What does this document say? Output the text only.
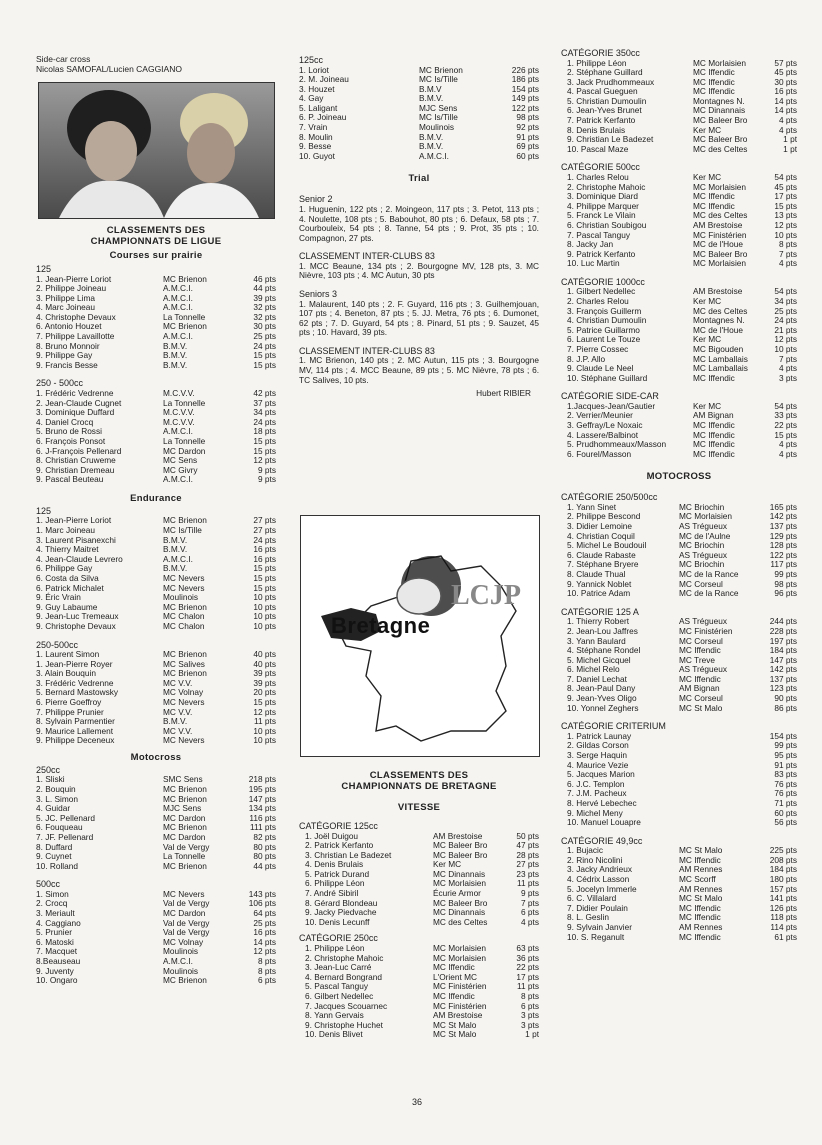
Side-car cross
Nicolas SAMOFAL/Lucien CAGGIANO
CLASSEMENTS DES
CHAMPIONNATS DE LIGUE
Courses sur prairie
125
1. Jean-Pierre Loriot	MC Brienon	46 pts
2. Philippe Joineau	A.M.C.I.	44 pts
3. Philippe Lima	A.M.C.I.	39 pts
4. Marc Joineau	A.M.C.I.	32 pts
4. Christophe Devaux	La Tonnelle	32 pts
6. Antonio Houzet	MC Brienon	30 pts
7. Philippe Lavaillotte	A.M.C.I.	25 pts
8. Bruno Monnoir	B.M.V.	24 pts
9. Philippe Gay	B.M.V.	15 pts
9. Francis Besse	B.M.V.	15 pts
250 - 500cc
1. Frédéric Vedrenne	M.C.V.V.	42 pts
2. Jean-Claude Cugnet	La Tonnelle	37 pts
3. Dominique Duffard	M.C.V.V.	34 pts
4. Daniel Crocq	M.C.V.V.	24 pts
5. Bruno de Rossi	A.M.C.I.	18 pts
6. François Ponsot	La Tonnelle	15 pts
6. J-François Pellenard	MC Dardon	15 pts
8. Christian Cruweme	MC Sens	12 pts
9. Christian Dremeau	MC Givry	9 pts
9. Pascal Beuteau	A.M.C.I.	9 pts
Endurance
125
1. Jean-Pierre Loriot	MC Brienon	27 pts
1. Marc Joineau	MC Is/Tille	27 pts
3. Laurent Pisanexchi	B.M.V.	24 pts
4. Thierry Maitret	B.M.V.	16 pts
4. Jean-Claude Levrero	A.M.C.I.	16 pts
6. Philippe Gay	B.M.V.	15 pts
6. Costa da Silva	MC Nevers	15 pts
6. Patrick Michalet	MC Nevers	15 pts
9. Éric Vrain	Moulinois	10 pts
9. Guy Labaume	MC Brienon	10 pts
9. Jean-Luc Tremeaux	MC Chalon	10 pts
9. Christophe Devaux	MC Chalon	10 pts
250-500cc
1. Laurent Simon	MC Brienon	40 pts
1. Jean-Pierre Royer	MC Salives	40 pts
3. Alain Bouquin	MC Brienon	39 pts
3. Frédéric Vedrenne	MC V.V.	39 pts
5. Bernard Mastowsky	MC Volnay	20 pts
6. Pierre Goeffroy	MC Nevers	15 pts
7. Philippe Prunier	MC V.V.	12 pts
8. Sylvain Parmentier	B.M.V.	11 pts
9. Maurice Lallement	MC V.V.	10 pts
9. Philippe Deceneux	MC Nevers	10 pts
Motocross
250cc
1. Sliski	SMC Sens	218 pts
2. Bouquin	MC Brienon	195 pts
3. L. Simon	MC Brienon	147 pts
4. Guidar	MJC Sens	134 pts
5. JC. Pellenard	MC Dardon	116 pts
6. Fouqueau	MC Brienon	111 pts
7. JF. Pellenard	MC Dardon	82 pts
8. Duffard	Val de Vergy	80 pts
9. Cuynet	La Tonnelle	80 pts
10. Rolland	MC Brienon	44 pts
500cc
1. Simon	MC Nevers	143 pts
2. Crocq	Val de Vergy	106 pts
3. Meriault	MC Dardon	64 pts
4. Caggiano	Val de Vergy	25 pts
5. Prunier	Val de Vergy	16 pts
6. Matoski	MC Volnay	14 pts
7. Macquet	Moulinois	12 pts
8.Beauseau	A.M.C.I.	8 pts
9. Juventy	Moulinois	8 pts
10. Ongaro	MC Brienon	6 pts
125cc
1. Loriot	MC Brienon	226 pts
2. M. Joineau	MC Is/Tille	186 pts
3. Houzet	B.M.V	154 pts
4. Gay	B.M.V.	149 pts
5. Laligant	MJC Sens	122 pts
6. P. Joineau	MC Is/Tille	98 pts
7. Vrain	Moulinois	92 pts
8. Moulin	B.M.V.	91 pts
9. Besse	B.M.V.	69 pts
10. Guyot	A.M.C.I.	60 pts
Trial
Senior 2

1. Huguenin, 122 pts ; 2. Moingeon, 117 pts ; 3. Petot, 113 pts ; 4. Noulette, 108 pts ; 5. Babouhot, 80 pts ; 6. Defaux, 58 pts ; 7. Courbouleix, 54 pts ; 8. Tanne, 54 pts ; 9. Prot, 35 pts ; 10. Compagnon, 27 pts.

CLASSEMENT INTER-CLUBS 83

1. MCC Beaune, 134 pts ; 2. Bourgogne MV, 128 pts, 3. MC Nièvre, 103 pts ; 4. MC Autun, 30 pts

Seniors 3

1. Malaurent, 140 pts ; 2. F. Guyard, 116 pts ; 3. Guilhemjouan, 107 pts ; 4. Beneton, 87 pts ; 5. JJ. Metra, 76 pts ; 6. Dumonet, 62 pts ; 7. D. Guyard, 54 pts ; 8. Pinard, 51 pts ; 9. Sauzet, 45 pts ; 10. Havard, 39 pts.

CLASSEMENT INTER-CLUBS 83

1. MC Brienon, 140 pts ; 2. MC Autun, 115 pts ; 3. Bourgogne MV, 114 pts ; 4. MCC Beaune, 89 pts ; 5. MC Nièvre, 78 pts ; 6. TC Salives, 10 pts.

Hubert RIBIER
LCJP
Bretagne
CLASSEMENTS DES
CHAMPIONNATS DE BRETAGNE
VITESSE
CATÉGORIE 125cc
1. Joël Duigou	AM Brestoise	50 pts
2. Patrick Kerfanto	MC Baleer Bro	47 pts
3. Christian Le Badezet	MC Baleer Bro	28 pts
4. Denis Brulais	Ker MC	27 pts
5. Patrick Durand	MC Dinannais	23 pts
6. Philippe Léon	MC Morlaisien	11 pts
7. André Sibiril	Écurie Armor	9 pts
8. Gérard Blondeau	MC Baleer Bro	7 pts
9. Jacky Piedvache	MC Dinannais	6 pts
10. Denis Lecunff	MC des Celtes	4 pts
CATÉGORIE 250cc
1. Philippe Léon	MC Morlaisien	63 pts
2. Christophe Mahoic	MC Morlaisien	36 pts
3. Jean-Luc Carré	MC Iffendic	22 pts
4. Bernard Bongrand	L'Orient MC	17 pts
5. Pascal Tanguy	MC Finistérien	11 pts
6. Gilbert Nedellec	MC Iffendic	8 pts
7. Jacques Scouarnec	MC Finistérien	6 pts
8. Yann Gervais	AM Brestoise	3 pts
9. Christophe Huchet	MC St Malo	3 pts
10. Denis Blivet	MC St Malo	1 pt
36
CATÉGORIE 350cc
1. Philippe Léon	MC Morlaisien	57 pts
2. Stéphane Guillard	MC Iffendic	45 pts
3. Jack Prudhommeaux	MC Iffendic	30 pts
4. Pascal Gueguen	MC Iffendic	16 pts
5. Christian Dumoulin	Montagnes N.	14 pts
6. Jean-Yves Brunet	MC Dinannais	14 pts
7. Patrick Kerfanto	MC Baleer Bro	4 pts
8. Denis Brulais	Ker MC	4 pts
9. Christian Le Badezet	MC Baleer Bro	1 pt
10. Pascal Maze	MC des Celtes	1 pt
CATÉGORIE 500cc
1. Charles Relou	Ker MC	54 pts
2. Christophe Mahoic	MC Morlaisien	45 pts
3. Dominique Diard	MC Iffendic	17 pts
4. Philippe Marquer	MC Iffendic	15 pts
5. Franck Le Vilain	MC des Celtes	13 pts
6. Christian Soubigou	AM Brestoise	12 pts
7. Pascal Tanguy	MC Finistérien	10 pts
8. Jacky Jan	MC de l'Houe	8 pts
9. Patrick Kerfanto	MC Baleer Bro	7 pts
10. Luc Martin	MC Morlaisien	4 pts
CATÉGORIE 1000cc
1. Gilbert Nedellec	AM Brestoise	54 pts
2. Charles Relou	Ker MC	34 pts
3. François Guillerm	MC des Celtes	25 pts
4. Christian Dumoulin	Montagnes N.	24 pts
5. Patrice Guillarmo	MC de l'Houe	21 pts
6. Laurent Le Touze	Ker MC	12 pts
7. Pierre Cossec	MC Bigouden	10 pts
8. J.P. Allo	MC Lamballais	7 pts
9. Claude Le Neel	MC Lamballais	4 pts
10. Stéphane Guillard	MC Iffendic	3 pts
CATÉGORIE SIDE-CAR
1.Jacques-Jean/Gautier	Ker MC	54 pts
2. Verrier/Meunier	AM Bignan	33 pts
3. Geffray/Le Noxaic	MC Iffendic	22 pts
4. Lassere/Balbinot	MC Iffendic	15 pts
5. Prudhommeaux/Masson	MC Iffendic	4 pts
6. Fourel/Masson	MC Iffendic	4 pts
MOTOCROSS
CATÉGORIE 250/500cc
1. Yann Sinet	MC Briochin	165 pts
2. Philippe Bescond	MC Morlaisien	142 pts
3. Didier Lemoine	AS Trégueux	137 pts
4. Christian Coquil	MC de l'Aulne	129 pts
5. Michel Le Boudouil	MC Briochin	128 pts
6. Claude Rabaste	AS Trégueux	122 pts
7. Stéphane Bryere	MC Briochin	117 pts
8. Claude Thual	MC de la Rance	99 pts
9. Yannick Noblet	MC Corseul	98 pts
10. Patrice Adam	MC de la Rance	96 pts
CATÉGORIE 125 A
1. Thierry Robert	AS Trégueux	244 pts
2. Jean-Lou Jaffres	MC Finistérien	228 pts
3. Yann Baulard	MC Corseul	197 pts
4. Stéphane Rondel	MC Iffendic	184 pts
5. Michel Gicquel	MC Treve	147 pts
6. Michel Relo	AS Trégueux	142 pts
7. Daniel Lechat	MC Iffendic	137 pts
8. Jean-Paul Dany	AM Bignan	123 pts
9. Jean-Yves Oligo	MC Corseul	90 pts
10. Yonnel Zeghers	MC St Malo	86 pts
CATÉGORIE CRITERIUM
1. Patrick Launay	154 pts
2. Gildas Corson	99 pts
3. Serge Haquin	95 pts
4. Maurice Vezie	91 pts
5. Jacques Marion	83 pts
6. J.C. Templon	76 pts
7. J.M. Pacheux	76 pts
8. Hervé Lebechec	71 pts
9. Michel Meny	60 pts
10. Manuel Louapre	56 pts
CATÉGORIE 49,9cc
1. Bujacic	MC St Malo	225 pts
2. Rino Nicolini	MC Iffendic	208 pts
3. Jacky Andrieux	AM Rennes	184 pts
4. Cédrix Lasson	MC Scorff	180 pts
5. Jocelyn Immerle	AM Rennes	157 pts
6. C. Villalard	MC St Malo	141 pts
7. Didier Poulain	MC Iffendic	126 pts
8. L. Geslin	MC Iffendic	118 pts
9. Sylvain Janvier	AM Rennes	114 pts
10. S. Reganult	MC Iffendic	61 pts
